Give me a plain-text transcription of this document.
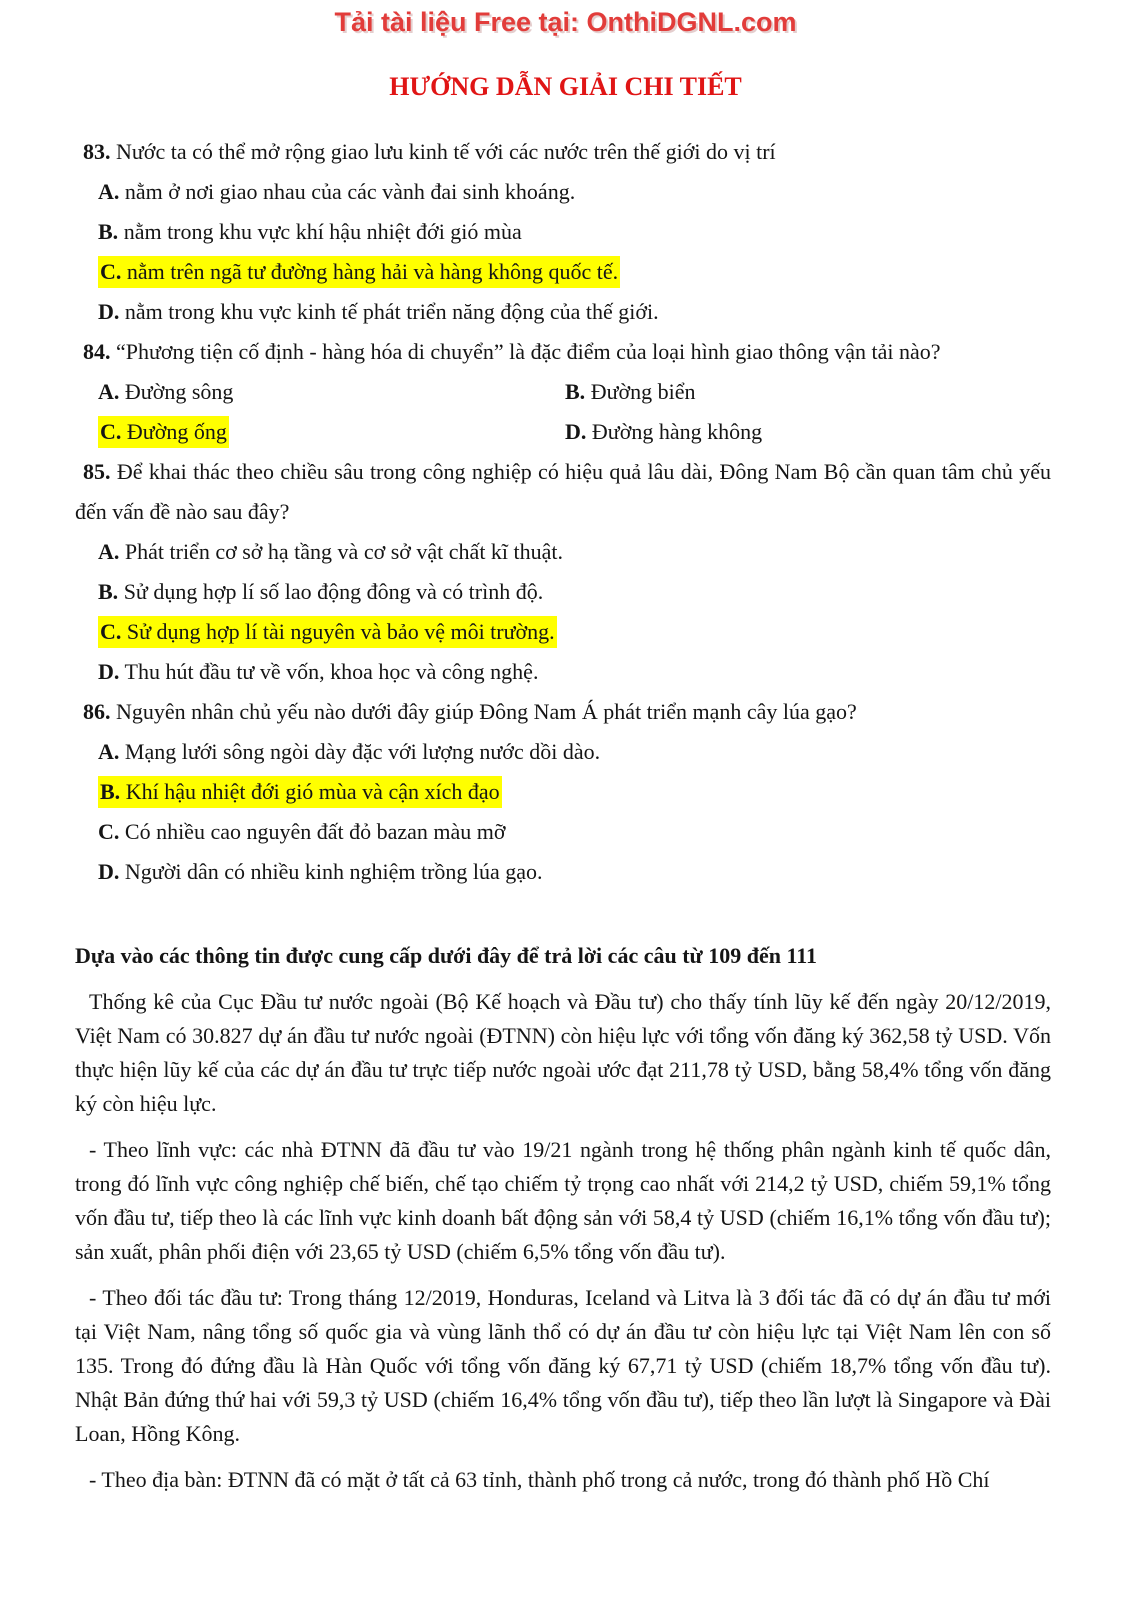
Tải tài liệu Free tại: OnthiDGNL.com
HƯỚNG DẪN GIẢI CHI TIẾT
83. Nước ta có thể mở rộng giao lưu kinh tế với các nước trên thế giới do vị trí
A. nằm ở nơi giao nhau của các vành đai sinh khoáng.
B. nằm trong khu vực khí hậu nhiệt đới gió mùa
C. nằm trên ngã tư đường hàng hải và hàng không quốc tế.
D. nằm trong khu vực kinh tế phát triển năng động của thế giới.
84. “Phương tiện cố định - hàng hóa di chuyển” là đặc điểm của loại hình giao thông vận tải nào?
A. Đường sông	B. Đường biển
C. Đường ống	D. Đường hàng không
85. Để khai thác theo chiều sâu trong công nghiệp có hiệu quả lâu dài, Đông Nam Bộ cần quan tâm chủ yếu đến vấn đề nào sau đây?
A. Phát triển cơ sở hạ tầng và cơ sở vật chất kĩ thuật.
B. Sử dụng hợp lí số lao động đông và có trình độ.
C. Sử dụng hợp lí tài nguyên và bảo vệ môi trường.
D. Thu hút đầu tư về vốn, khoa học và công nghệ.
86. Nguyên nhân chủ yếu nào dưới đây giúp Đông Nam Á phát triển mạnh cây lúa gạo?
A. Mạng lưới sông ngòi dày đặc với lượng nước dồi dào.
B. Khí hậu nhiệt đới gió mùa và cận xích đạo
C. Có nhiều cao nguyên đất đỏ bazan màu mỡ
D. Người dân có nhiều kinh nghiệm trồng lúa gạo.
Dựa vào các thông tin được cung cấp dưới đây để trả lời các câu từ 109 đến 111

Thống kê của Cục Đầu tư nước ngoài (Bộ Kế hoạch và Đầu tư) cho thấy tính lũy kế đến ngày 20/12/2019, Việt Nam có 30.827 dự án đầu tư nước ngoài (ĐTNN) còn hiệu lực với tổng vốn đăng ký 362,58 tỷ USD. Vốn thực hiện lũy kế của các dự án đầu tư trực tiếp nước ngoài ước đạt 211,78 tỷ USD, bằng 58,4% tổng vốn đăng ký còn hiệu lực.

- Theo lĩnh vực: các nhà ĐTNN đã đầu tư vào 19/21 ngành trong hệ thống phân ngành kinh tế quốc dân, trong đó lĩnh vực công nghiệp chế biến, chế tạo chiếm tỷ trọng cao nhất với 214,2 tỷ USD, chiếm 59,1% tổng vốn đầu tư, tiếp theo là các lĩnh vực kinh doanh bất động sản với 58,4 tỷ USD (chiếm 16,1% tổng vốn đầu tư); sản xuất, phân phối điện với 23,65 tỷ USD (chiếm 6,5% tổng vốn đầu tư).

- Theo đối tác đầu tư: Trong tháng 12/2019, Honduras, Iceland và Litva là 3 đối tác đã có dự án đầu tư mới tại Việt Nam, nâng tổng số quốc gia và vùng lãnh thổ có dự án đầu tư còn hiệu lực tại Việt Nam lên con số 135. Trong đó đứng đầu là Hàn Quốc với tổng vốn đăng ký 67,71 tỷ USD (chiếm 18,7% tổng vốn đầu tư). Nhật Bản đứng thứ hai với 59,3 tỷ USD (chiếm 16,4% tổng vốn đầu tư), tiếp theo lần lượt là Singapore và Đài Loan, Hồng Kông.

- Theo địa bàn: ĐTNN đã có mặt ở tất cả 63 tỉnh, thành phố trong cả nước, trong đó thành phố Hồ Chí
